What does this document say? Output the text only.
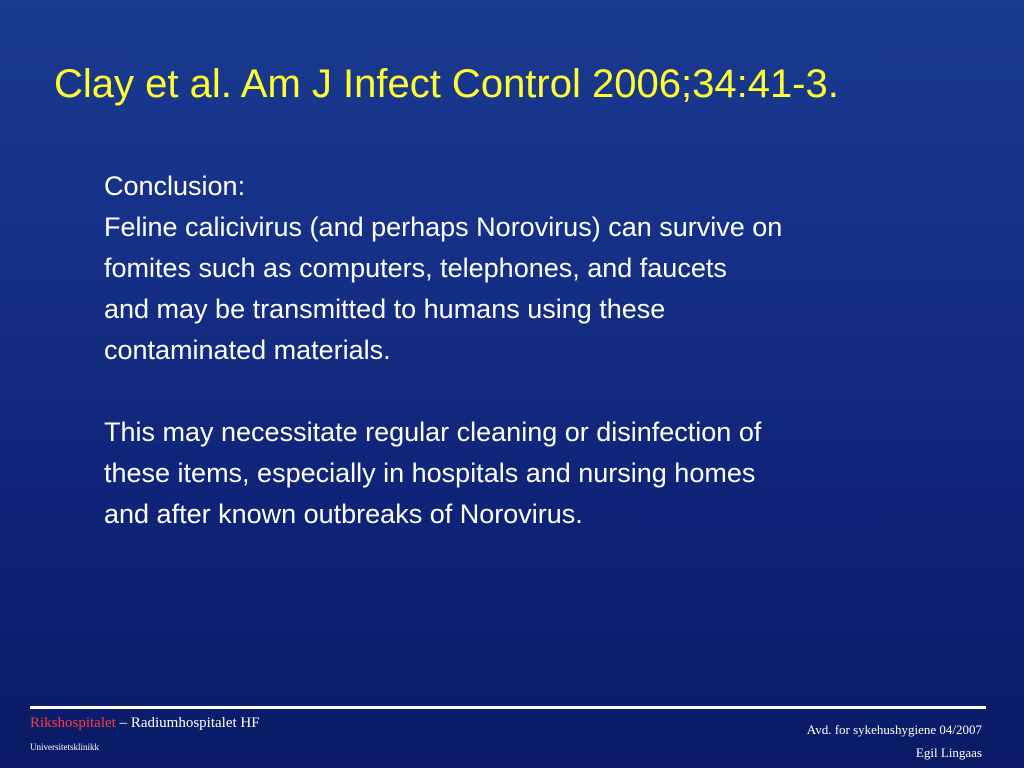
Clay et al. Am J Infect Control 2006;34:41-3.
Conclusion:
Feline calicivirus (and perhaps Norovirus) can survive on
fomites such as computers, telephones, and faucets
and may be transmitted to humans using these
contaminated materials.
This may necessitate regular cleaning or disinfection of
these items, especially in hospitals and nursing homes
and after known outbreaks of Norovirus.
Rikshospitalet – Radiumhospitalet HF
Universitetsklinikk
Avd. for sykehushygiene 04/2007
Egil Lingaas
